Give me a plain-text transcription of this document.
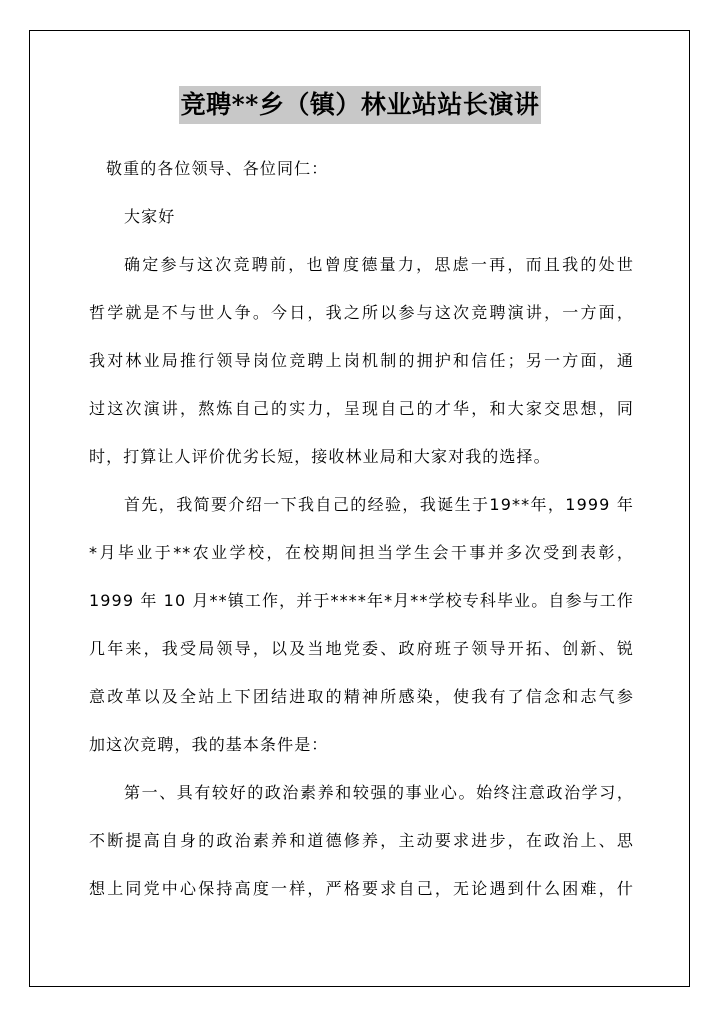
竞聘**乡（镇）林业站站长演讲
敬重的各位领导、各位同仁：
大家好
确定参与这次竞聘前，也曾度德量力，思虑一再，而且我的处世
哲学就是不与世人争。今日，我之所以参与这次竞聘演讲，一方面，
我对林业局推行领导岗位竞聘上岗机制的拥护和信任；另一方面，通
过这次演讲，熬炼自己的实力，呈现自己的才华，和大家交思想，同
时，打算让人评价优劣长短，接收林业局和大家对我的选择。
首先，我简要介绍一下我自己的经验，我诞生于19**年，1999 年
*月毕业于**农业学校，在校期间担当学生会干事并多次受到表彰，
1999 年 10 月**镇工作，并于****年*月**学校专科毕业。自参与工作
几年来，我受局领导，以及当地党委、政府班子领导开拓、创新、锐
意改革以及全站上下团结进取的精神所感染，使我有了信念和志气参
加这次竞聘，我的基本条件是：
第一、具有较好的政治素养和较强的事业心。始终注意政治学习，
不断提高自身的政治素养和道德修养，主动要求进步，在政治上、思
想上同党中心保持高度一样，严格要求自己，无论遇到什么困难，什
